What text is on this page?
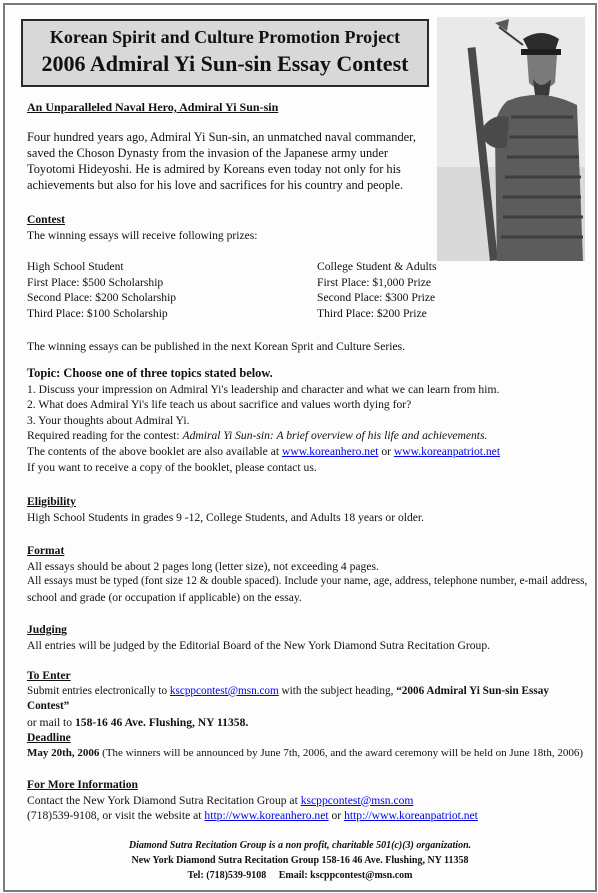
Korean Spirit and Culture Promotion Project
2006 Admiral Yi Sun-sin Essay Contest
An Unparalleled Naval Hero, Admiral Yi Sun-sin
Four hundred years ago, Admiral Yi Sun-sin, an unmatched naval commander,
saved the Choson Dynasty from the invasion of the Japanese army under
Toyotomi Hideyoshi. He is admired by Koreans even today not only for his
achievements but also for his love and sacrifices for his country and people.
Contest
The winning essays will receive following prizes:
High School Student
First Place: $500 Scholarship
Second Place: $200 Scholarship
Third Place: $100 Scholarship
College Student & Adults
First Place: $1,000 Prize
Second Place: $300 Prize
Third Place: $200 Prize
The winning essays can be published in the next Korean Sprit and Culture Series.
Topic: Choose one of three topics stated below.
1. Discuss your impression on Admiral Yi's leadership and character and what we can learn from him.
2. What does Admiral Yi's life teach us about sacrifice and values worth dying for?
3. Your thoughts about Admiral Yi.
Required reading for the contest: Admiral Yi Sun-sin: A brief overview of his life and achievements.
The contents of the above booklet are also available at www.koreanhero.net or www.koreanpatriot.net
If you want to receive a copy of the booklet, please contact us.
Eligibility
High School Students in grades 9 -12, College Students, and Adults 18 years or older.
Format
All essays should be about 2 pages long (letter size), not exceeding 4 pages.
All essays must be typed (font size 12 & double spaced). Include your name, age, address, telephone number, e-mail address,
school and grade (or occupation if applicable) on the essay.
Judging
All entries will be judged by the Editorial Board of the New York Diamond Sutra Recitation Group.
To Enter
Submit entries electronically to kscppcontest@msn.com with the subject heading, “2006 Admiral Yi Sun-sin Essay Contest”
or mail to 158-16 46 Ave. Flushing, NY 11358.
Deadline
May 20th, 2006 (The winners will be announced by June 7th, 2006, and the award ceremony will be held on June 18th, 2006)
For More Information
Contact the New York Diamond Sutra Recitation Group at kscppcontest@msn.com
(718)539-9108, or visit the website at http://www.koreanhero.net or http://www.koreanpatriot.net
Diamond Sutra Recitation Group is a non profit, charitable 501(c)(3) organization.
New York Diamond Sutra Recitation Group 158-16 46 Ave. Flushing, NY 11358
Tel: (718)539-9108     Email: kscppcontest@msn.com
